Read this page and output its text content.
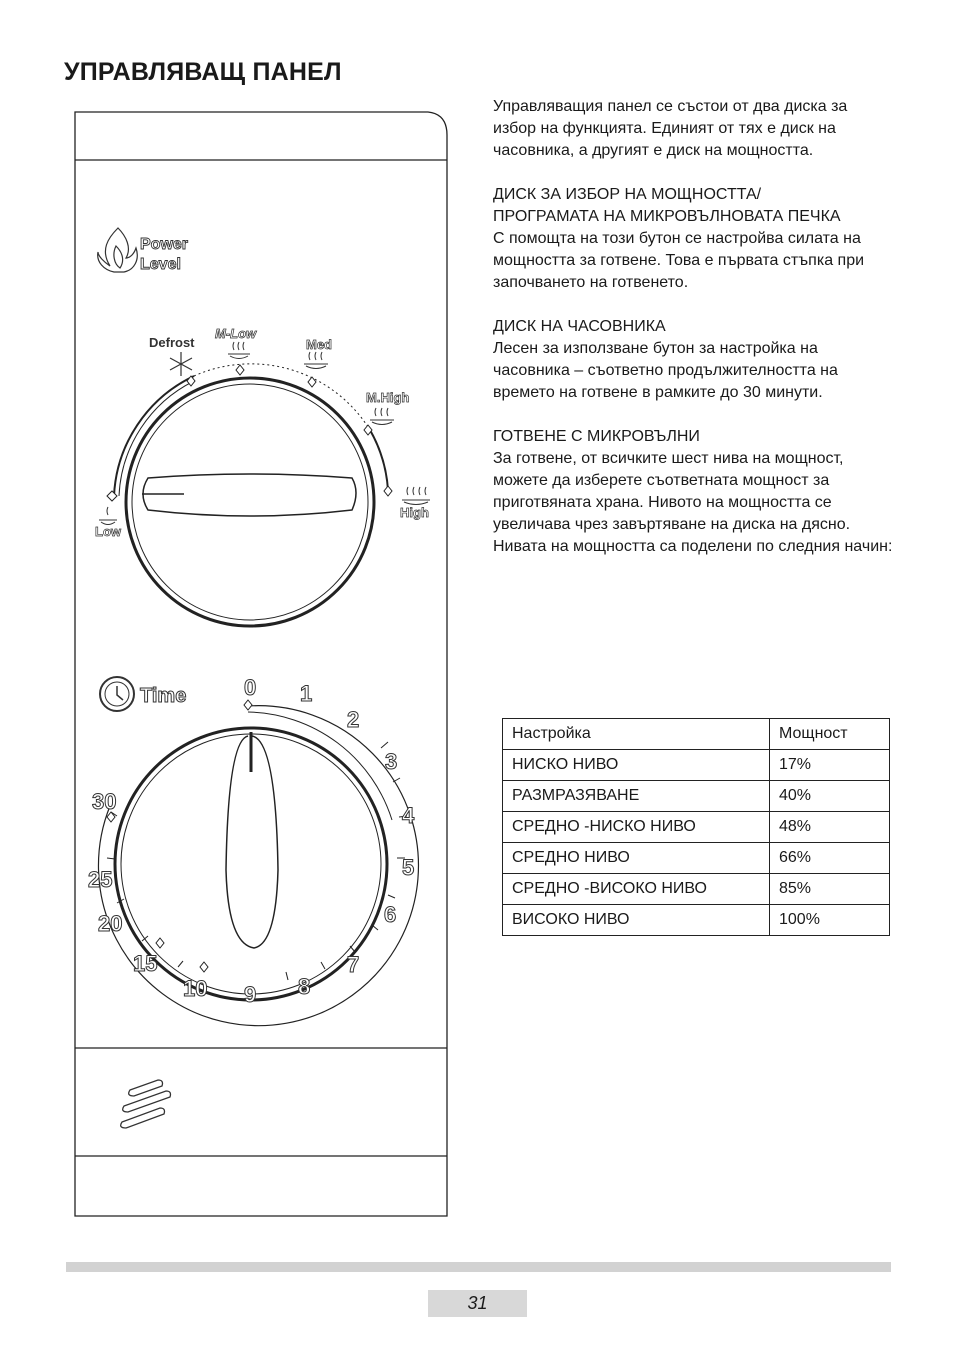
УПРАВЛЯВАЩ ПАНЕЛ

Управляващия панел се състои от два диска за избор на функцията. Единият от тях е диск на часовника, а другият е диск на мощността.

ДИСК ЗА ИЗБОР НА МОЩНОСТТА/
ПРОГРАМАТА НА МИКРОВЪЛНОВАТА ПЕЧКА
С помощта на този бутон се настройва силата на мощността за готвене. Това е първата стъпка при започването на готвенето.

ДИСК НА ЧАСОВНИКА
Лесен за използване бутон за настройка на часовника – съответно продължителността на времето на готвене в рамките до 30 минути.

ГОТВЕНЕ С МИКРОВЪЛНИ
За готвене, от всичките шест нива на мощност, можете да изберете съответната мощност за приготвяната храна. Нивото на мощността се увеличава чрез завъртяване на диска на дясно. Нивата на мощността са поделени по следния начин:

Power
Level
Low
Defrost
M-Low
Med
M.High
High
Time	0 1
2
3
4
5
6
7
8
9
10
15
20
25
30
Настройка	Мощност
НИСКО НИВО	17%
РАЗМРАЗЯВАНЕ	40%
СРЕДНО -НИСКО НИВО	48%
СРЕДНО НИВО	66%
СРЕДНО -ВИСОКО НИВО	85%
ВИСОКО НИВО	100%
31
